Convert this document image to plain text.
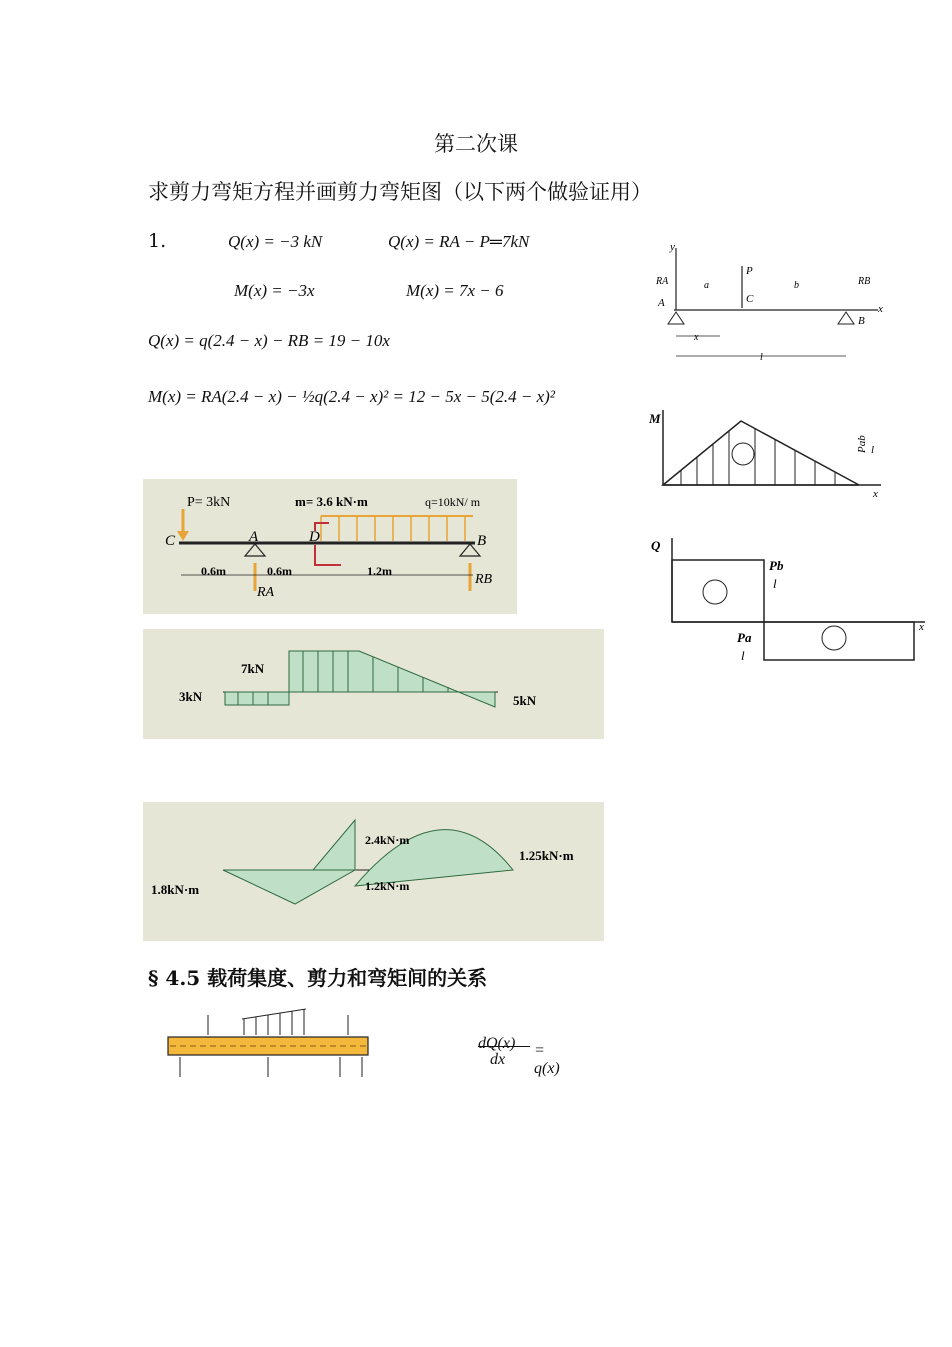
第二次课
求剪力弯矩方程并画剪力弯矩图（以下两个做验证用）
1.	Q(x) = −3 kN	Q(x) = RA − P═7kN
M(x) = −3x	M(x) = 7x − 6
Q(x) = q(2.4 − x) − RB = 19 − 10x
M(x) = RA(2.4 − x) − ½q(2.4 − x)² = 12 − 5x − 5(2.4 − x)²
P= 3kN	m= 3.6 kN·m	q=10kN/ m
C	A	D	B
0.6m	0.6m	1.2m
RA
RB
7kN
3kN	5kN
2.4kN·m
1.25kN·m
1.8kN·m	1.2kN·m
y
x
RA	RB
A
B
C
P
a	b
x
l
M
x
Pab l
Q
x
Pb
l
Pa
l
§ 4.5 载荷集度、剪力和弯矩间的关系
dQ(x)
dx
= q(x)
